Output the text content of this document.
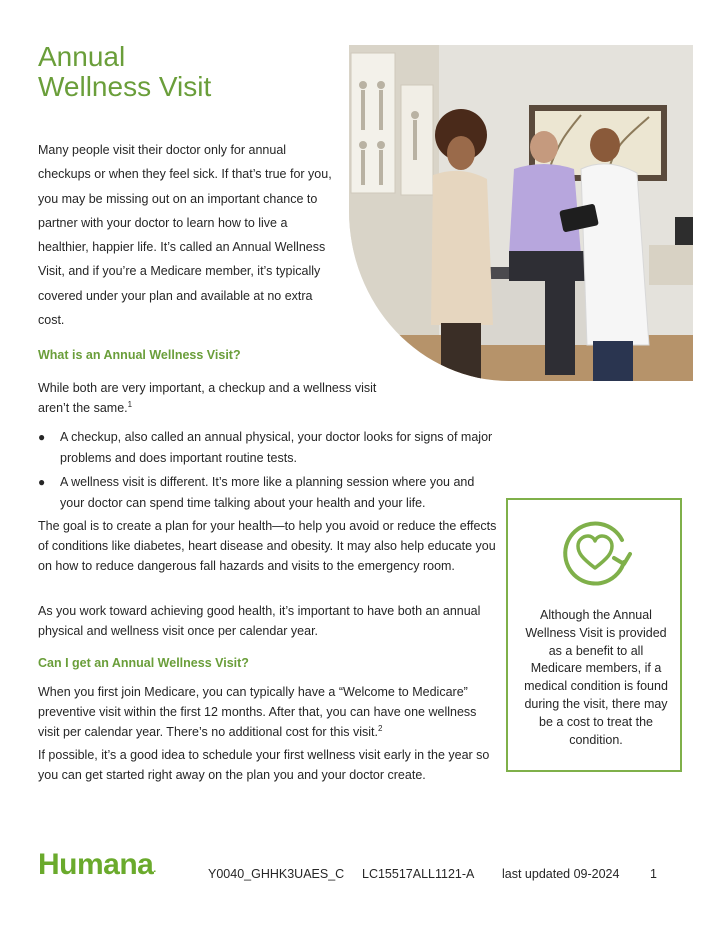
Annual
Wellness Visit

Many people visit their doctor only for annual checkups or when they feel sick. If that’s true for you, you may be missing out on an important chance to partner with your doctor to learn how to live a healthier, happier life. It’s called an Annual Wellness Visit, and if you’re a Medicare member, it’s typically covered under your plan and available at no extra cost.

What is an Annual Wellness Visit?

While both are very important, a checkup and a wellness visit aren’t the same.$^1$

● A checkup, also called an annual physical, your doctor looks for signs of major problems and does important routine tests.
● A wellness visit is different. It’s more like a planning session where you and your doctor can spend time talking about your health and your life.

The goal is to create a plan for your health—to help you avoid or reduce the effects of conditions like diabetes, heart disease and obesity. It may also help educate you on how to reduce dangerous fall hazards and visits to the emergency room.

As you work toward achieving good health, it’s important to have both an annual physical and wellness visit once per calendar year.

Can I get an Annual Wellness Visit?

When you first join Medicare, you can typically have a “Welcome to Medicare” preventive visit within the first 12 months. After that, you can have one wellness visit per calendar year. There’s no additional cost for this visit.$^2$

If possible, it’s a good idea to schedule your first wellness visit early in the year so you can get started right away on the plan you and your doctor create.

Although the Annual Wellness Visit is provided as a benefit to all Medicare members, if a medical condition is found during the visit, there may be a cost to treat the condition.

Humana.	Y0040_GHHK3UAES_C LC15517ALL1121-A last updated 09-2024 1
